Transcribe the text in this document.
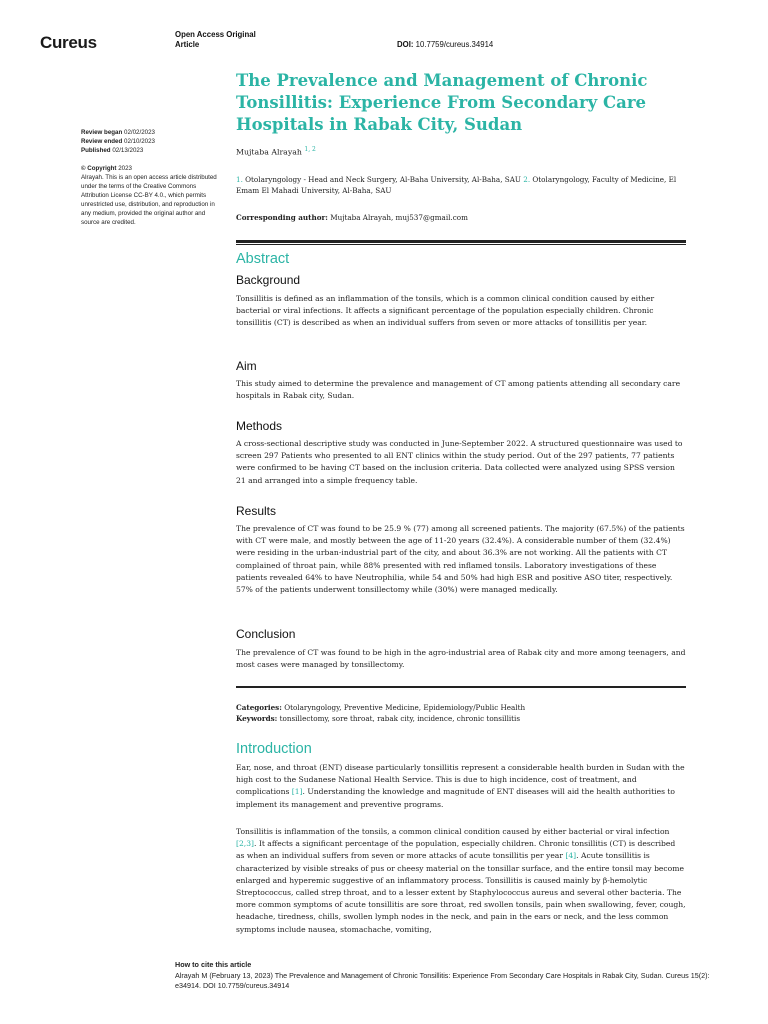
Cureus	Open Access Original
Article	DOI: 10.7759/cureus.34914
Review began 02/02/2023
Review ended 02/10/2023
Published 02/13/2023
© Copyright 2023
Alrayah. This is an open access article distributed under the terms of the Creative Commons Attribution License CC-BY 4.0., which permits unrestricted use, distribution, and reproduction in any medium, provided the original author and source are credited.
The Prevalence and Management of Chronic Tonsillitis: Experience From Secondary Care Hospitals in Rabak City, Sudan
Mujtaba Alrayah $^{1, 2}$
1. Otolaryngology - Head and Neck Surgery, Al-Baha University, Al-Baha, SAU 2. Otolaryngology, Faculty of Medicine, El Emam El Mahadi University, Al-Baha, SAU
Corresponding author: Mujtaba Alrayah, muj537@gmail.com
Abstract
Background

Tonsillitis is defined as an inflammation of the tonsils, which is a common clinical condition caused by either bacterial or viral infections. It affects a significant percentage of the population especially children. Chronic tonsillitis (CT) is described as when an individual suffers from seven or more attacks of tonsillitis per year.

Aim

This study aimed to determine the prevalence and management of CT among patients attending all secondary care hospitals in Rabak city, Sudan.

Methods

A cross-sectional descriptive study was conducted in June-September 2022. A structured questionnaire was used to screen 297 Patients who presented to all ENT clinics within the study period. Out of the 297 patients, 77 patients were confirmed to be having CT based on the inclusion criteria. Data collected were analyzed using SPSS version 21 and arranged into a simple frequency table.

Results

The prevalence of CT was found to be 25.9 % (77) among all screened patients. The majority (67.5%) of the patients with CT were male, and mostly between the age of 11-20 years (32.4%). A considerable number of them (32.4%) were residing in the urban-industrial part of the city, and about 36.3% are not working. All the patients with CT complained of throat pain, while 88% presented with red inflamed tonsils. Laboratory investigations of these patients revealed 64% to have Neutrophilia, while 54 and 50% had high ESR and positive ASO titer, respectively. 57% of the patients underwent tonsillectomy while (30%) were managed medically.

Conclusion

The prevalence of CT was found to be high in the agro-industrial area of Rabak city and more among teenagers, and most cases were managed by tonsillectomy.

Categories: Otolaryngology, Preventive Medicine, Epidemiology/Public Health
Keywords: tonsillectomy, sore throat, rabak city, incidence, chronic tonsillitis
Introduction

Ear, nose, and throat (ENT) disease particularly tonsillitis represent a considerable health burden in Sudan with the high cost to the Sudanese National Health Service. This is due to high incidence, cost of treatment, and complications [1]. Understanding the knowledge and magnitude of ENT diseases will aid the health authorities to implement its management and preventive programs.

Tonsillitis is inflammation of the tonsils, a common clinical condition caused by either bacterial or viral infection [2,3]. It affects a significant percentage of the population, especially children. Chronic tonsillitis (CT) is described as when an individual suffers from seven or more attacks of acute tonsillitis per year [4]. Acute tonsillitis is characterized by visible streaks of pus or cheesy material on the tonsillar surface, and the entire tonsil may become enlarged and hyperemic suggestive of an inflammatory process. Tonsillitis is caused mainly by β-hemolytic Streptococcus, called strep throat, and to a lesser extent by Staphylococcus aureus and several other bacteria. The more common symptoms of acute tonsillitis are sore throat, red swollen tonsils, pain when swallowing, fever, cough, headache, tiredness, chills, swollen lymph nodes in the neck, and pain in the ears or neck, and the less common symptoms include nausea, stomachache, vomiting,

How to cite this article
Alrayah M (February 13, 2023) The Prevalence and Management of Chronic Tonsillitis: Experience From Secondary Care Hospitals in Rabak City, Sudan. Cureus 15(2): e34914. DOI 10.7759/cureus.34914
